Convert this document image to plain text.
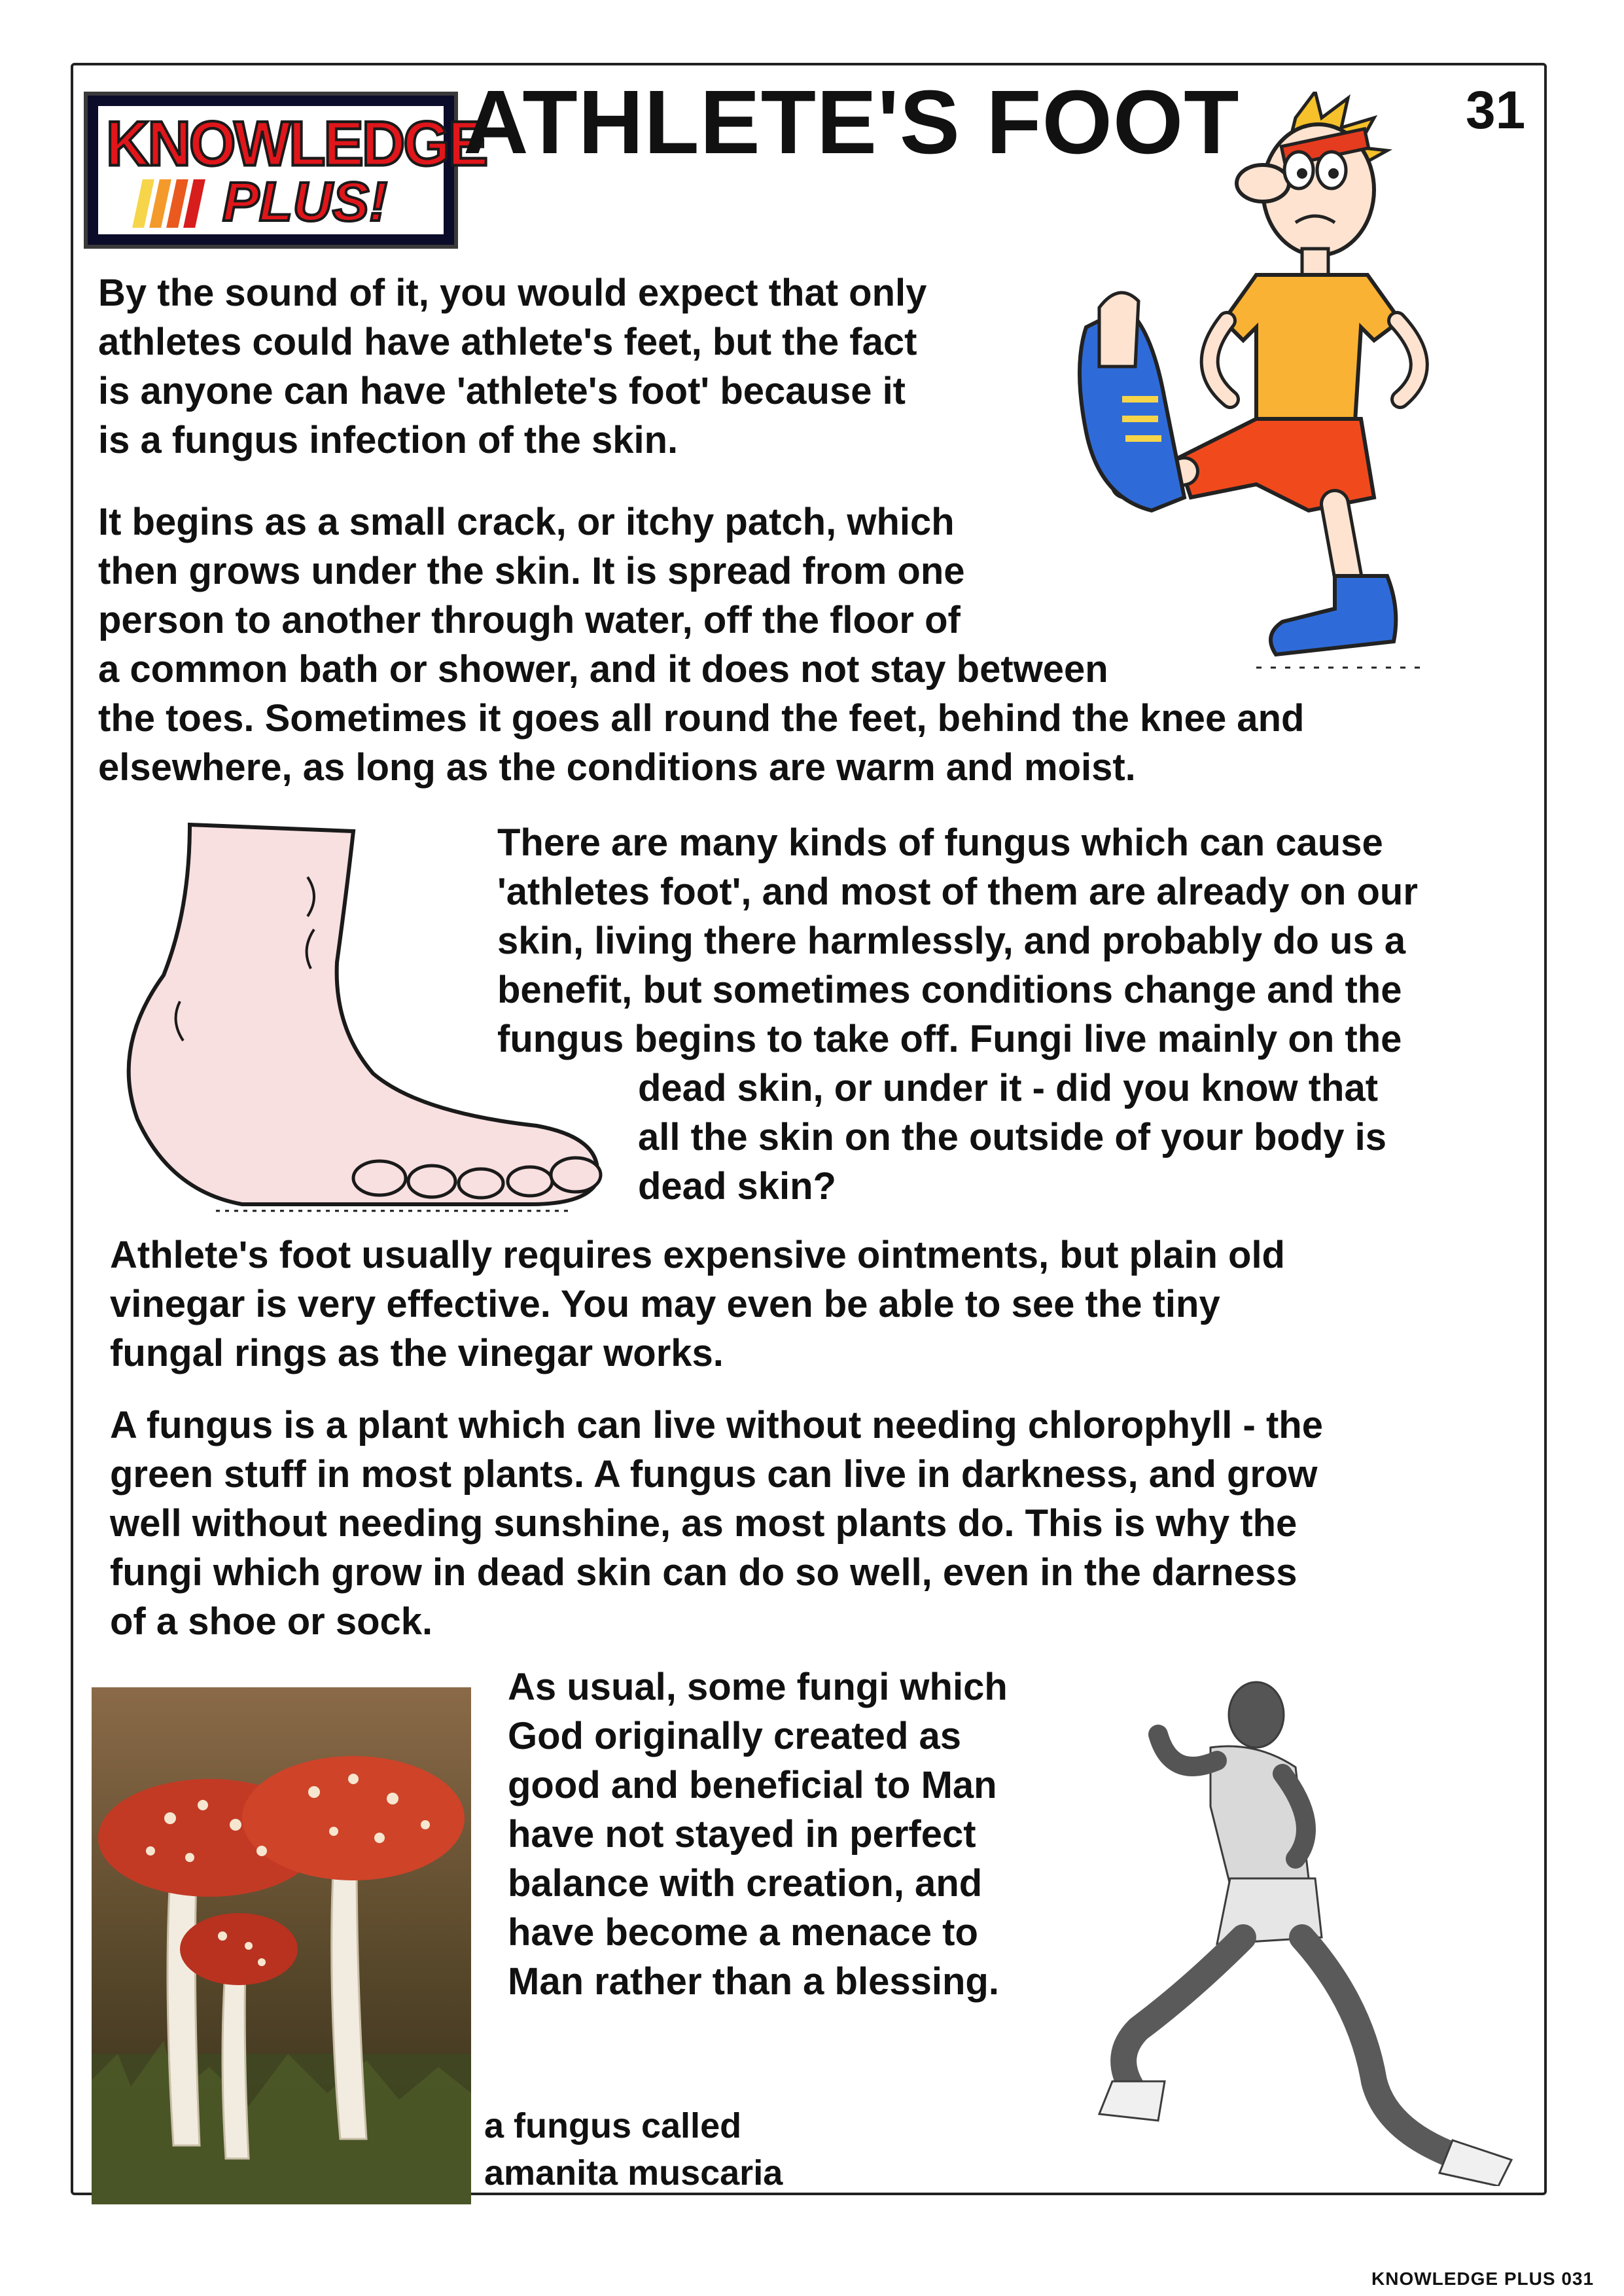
KNOWLEDGE
PLUS!
ATHLETE'S FOOT	31
By the sound of it, you would expect that only
athletes could have athlete's feet, but the fact
is anyone can have 'athlete's foot' because it
is a fungus infection of the skin.
It begins as a small crack, or itchy patch, which
then grows under the skin. It is spread from one
person to another through water, off the floor of
a common bath or shower, and it does not stay between
the toes. Sometimes it goes all round the feet, behind the knee and
elsewhere, as long as the conditions are warm and moist.
There are many kinds of fungus which can cause
'athletes foot', and most of them are already on our
skin, living there harmlessly, and probably do us a
benefit, but sometimes conditions change and the
fungus begins to take off. Fungi live mainly on the
dead skin, or under it - did you know that
all the skin on the outside of your body is
dead skin?
Athlete's foot usually requires expensive ointments, but plain old
vinegar is very effective. You may even be able to see the tiny
fungal rings as the vinegar works.
A fungus is a plant which can live without needing chlorophyll - the
green stuff in most plants. A fungus can live in darkness, and grow
well without needing sunshine, as most plants do. This is why the
fungi which grow in dead skin can do so well, even in the darness
of a shoe or sock.
As usual, some fungi which
God originally created as
good and beneficial to Man
have not stayed in perfect
balance with creation, and
have become a menace to
Man rather than a blessing.
a fungus called
amanita muscaria
KNOWLEDGE PLUS 031
